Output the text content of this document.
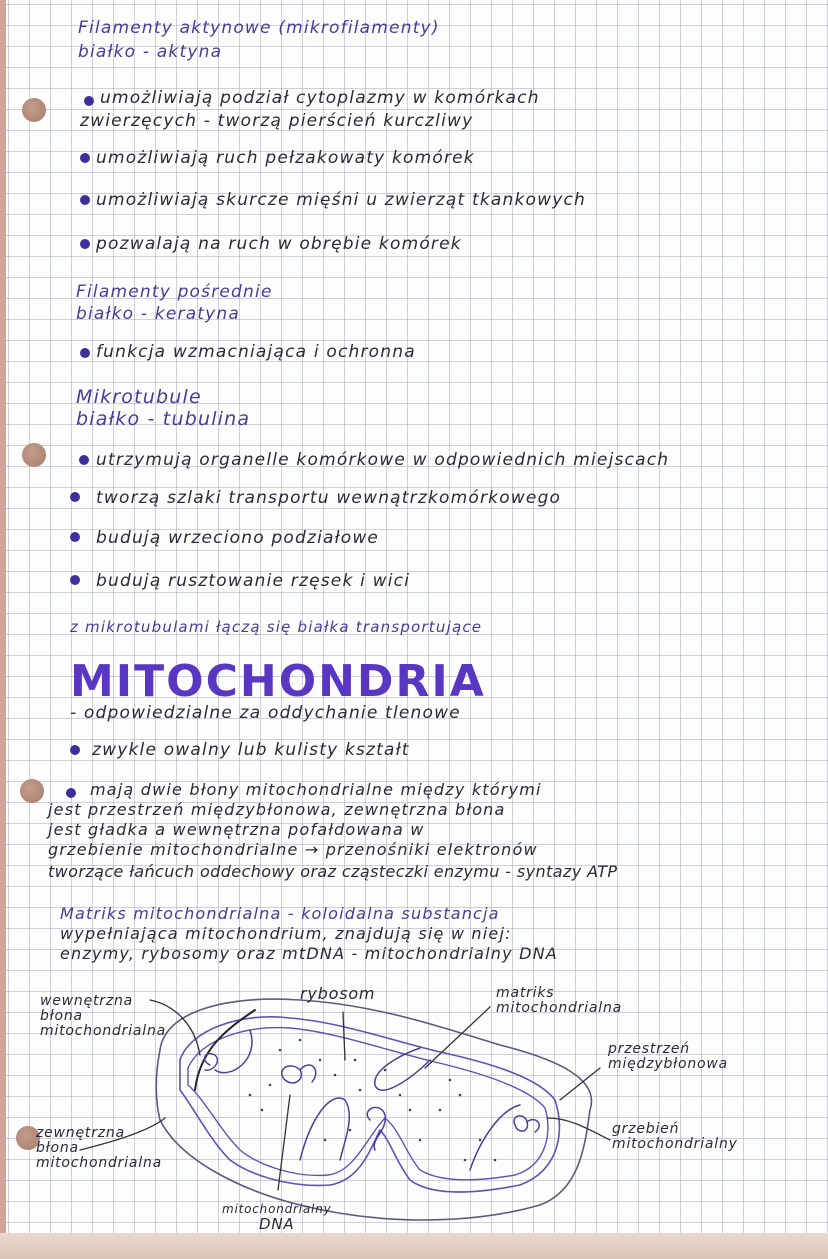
Filamenty aktynowe (mikrofilamenty)
białko - aktyna
umożliwiają podział cytoplazmy w komórkach
zwierzęcych - tworzą pierścień kurczliwy
umożliwiają ruch pełzakowaty komórek
umożliwiają skurcze mięśni u zwierząt tkankowych
pozwalają na ruch w obrębie komórek
Filamenty pośrednie
białko - keratyna
funkcja wzmacniająca i ochronna
Mikrotubule
białko - tubulina
utrzymują organelle komórkowe w odpowiednich miejscach
tworzą szlaki transportu wewnątrzkomórkowego
budują wrzeciono podziałowe
budują rusztowanie rzęsek i wici
z mikrotubulami łączą się białka transportujące
MITOCHONDRIA
- odpowiedzialne za oddychanie tlenowe
zwykle owalny lub kulisty kształt
mają dwie błony mitochondrialne między którymi
jest przestrzeń międzybłonowa, zewnętrzna błona
jest gładka a wewnętrzna pofałdowana w
grzebienie mitochondrialne → przenośniki elektronów
tworzące łańcuch oddechowy oraz cząsteczki enzymu - syntazy ATP
Matriks mitochondrialna - koloidalna substancja
wypełniająca mitochondrium, znajdują się w niej:
enzymy, rybosomy oraz mtDNA - mitochondrialny DNA
wewnętrzna
błona
mitochondrialna
rybosom	matriks
mitochondrialna
przestrzeń
międzybłonowa
grzebień
mitochondrialny
zewnętrzna
błona
mitochondrialna
mitochondrialny
DNA
